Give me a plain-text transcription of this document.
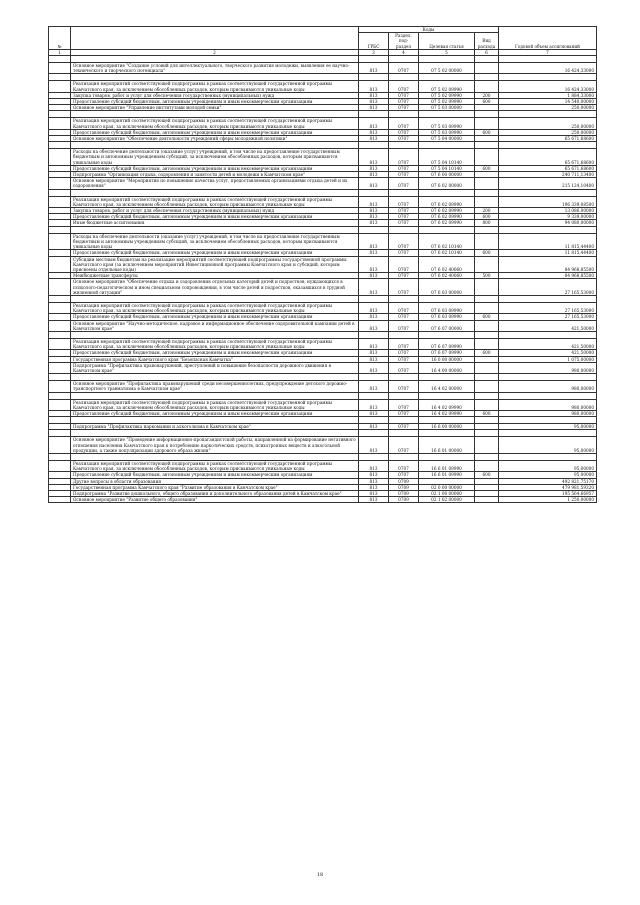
№		Коды				Годовой объем ассигнований
		ГРБС	Раздел, под- раздел	Целевая статья	Вид расхода	
1	2	3	4	5	6	7

	Основное мероприятие "Создание условий для интеллектуального, творческого развития молодежи, выявления ее научно-технического и творческого потенциала"	813	0707	07 5 02 00000		16 424,33000

	Реализация мероприятий соответствующей подпрограммы в рамках соответствующей государственной программы Камчатского края, за исключением обособленных расходов, которым присваиваются уникальные коды	813	0707	07 5 02 09990		16 424,33000
	Закупка товаров, работ и услуг для обеспечения государственных (муниципальных) нужд	813	0707	07 5 02 09990	200	1 884,33000
	Предоставление субсидий бюджетным, автономным учреждениям и иным некоммерческим организациям	813	0707	07 5 02 09990	600	14 540,00000
	Основное мероприятие "Управление институтами молодой семьи"	813	0707	07 5 03 00000		250,00000

	Реализация мероприятий соответствующей подпрограммы в рамках соответствующей государственной программы Камчатского края, за исключением обособленных расходов, которым присваиваются уникальные коды	813	0707	07 5 03 09990		250,00000
	Предоставление субсидий бюджетным, автономным учреждениям и иным некоммерческим организациям	813	0707	07 5 03 09990	600	250,00000
	Основное мероприятие "Обеспечение деятельности учреждений сферы молодежной политики"	813	0707	07 5 04 00000		65 671,68600

	Расходы на обеспечение деятельности (оказание услуг) учреждений, в том числе на предоставление государственным бюджетным и автономным учреждениям субсидий, за исключением обособленных расходов, которым присваиваются уникальные коды	813	0707	07 5 04 10140		65 671,68600
	Предоставление субсидий бюджетным, автономным учреждениям и иным некоммерческим организациям	813	0707	07 5 04 10140	600	65 671,68600
	Подпрограмма "Организация отдыха, оздоровления и занятости детей и молодежи в Камчатском крае"	813	0707	07 6 00 00000		240 711,13400
	Основное мероприятие "Мероприятия по повышению качества услуг, предоставляемых организациями отдыха детей и их оздоровления"	813	0707	07 6 02 00000		215 124,10400

	Реализация мероприятий соответствующей подпрограммы в рамках соответствующей государственной программы Камчатского края, за исключением обособленных расходов, которым присваиваются уникальные коды	813	0707	07 6 02 09990		196 339,08500
	Закупка товаров, работ и услуг для обеспечения государственных (муниципальных) нужд	813	0707	07 6 02 09990	200	13 086,00000
	Предоставление субсидий бюджетным, автономным учреждениям и иным некоммерческим организациям	813	0707	07 6 02 09990	600	9 339,00000
	Иные бюджетные ассигнования	813	0707	07 6 02 09990	800	94 080,00000

	Расходы на обеспечение деятельности (оказание услуг) учреждений, в том числе на предоставление государственным бюджетным и автономным учреждениям субсидий, за исключением обособленных расходов, которым присваиваются уникальные коды	813	0707	07 6 02 10140		11 815,44400
	Предоставление субсидий бюджетным, автономным учреждениям и иным некоммерческим организациям	813	0707	07 6 02 10140	600	11 815,44400
	Субсидии местным бюджетам на реализацию мероприятий соответствующей подпрограммы государственной программы Камчатского края (за исключением мероприятий Инвестиционной программы Камчатского края и субсидий, которым присвоены отдельные коды)	813	0707	07 6 02 40060		84 968,85500
	Межбюджетные трансферты	813	0707	07 6 02 40060	500	84 968,85500
	Основное мероприятие "Обеспечение отдыха и оздоровления отдельных категорий детей и подростков, нуждающихся в психолого-педагогическом и ином специальном сопровождении, в том числе детей и подростков, оказавшихся в трудной жизненной ситуации"	813	0707	07 6 03 00000		27 165,53000

	Реализация мероприятий соответствующей подпрограммы в рамках соответствующей государственной программы Камчатского края, за исключением обособленных расходов, которым присваиваются уникальные коды	813	0707	07 6 03 09990		27 165,53000
	Предоставление субсидий бюджетным, автономным учреждениям и иным некоммерческим организациям	813	0707	07 6 03 09990	600	27 165,53000
	Основное мероприятие "Научно-методическое, кадровое и информационное обеспечение оздоровительной кампании детей в Камчатском крае"	813	0707	07 6 07 00000		421,50000

	Реализация мероприятий соответствующей подпрограммы в рамках соответствующей государственной программы Камчатского края, за исключением обособленных расходов, которым присваиваются уникальные коды	813	0707	07 6 07 09990		421,50000
	Предоставление субсидий бюджетным, автономным учреждениям и иным некоммерческим организациям	813	0707	07 6 07 09990	600	421,50000
	Государственная программа Камчатского края "Безопасная Камчатка"	813	0707	16 0 00 00000		1 075,00000
	Подпрограмма "Профилактика правонарушений, преступлений и повышение безопасности дорожного движения в Камчатском крае"	813	0707	16 4 00 00000		980,00000

	Основное мероприятие "Профилактика правонарушений среди несовершеннолетних, предупреждение детского дорожно-транспортного травматизма в Камчатском крае"	813	0707	16 4 02 00000		980,00000

	Реализация мероприятий соответствующей подпрограммы в рамках соответствующей государственной программы Камчатского края, за исключением обособленных расходов, которым присваиваются уникальные коды	813	0707	16 4 02 09990		980,00000
	Предоставление субсидий бюджетным, автономным учреждениям и иным некоммерческим организациям	813	0707	16 4 02 09990	600	980,00000

	Подпрограмма "Профилактика наркомании и алкоголизма в Камчатском крае"	813	0707	16 6 00 00000		95,00000

	Основное мероприятие "Проведение информационно-пропагандистской работы, направленной на формирование негативного отношения населения Камчатского края к потреблению наркотических средств, психотропных веществ и алкогольной продукции, а также популяризации здорового образа жизни"	813	0707	16 6 01 00000		95,00000

	Реализация мероприятий соответствующей подпрограммы в рамках соответствующей государственной программы Камчатского края, за исключением обособленных расходов, которым присваиваются уникальные коды	813	0707	16 6 01 09990		95,00000
	Предоставление субсидий бюджетным, автономным учреждениям и иным некоммерческим организациям	813	0707	16 6 01 09990	600	95,00000
	Другие вопросы в области образования	813	0709			492 821,75170
	Государственная программа Камчатского края "Развитие образования в Камчатском крае"	813	0709	02 0 00 00000		479 981,59320
	Подпрограмма "Развитие дошкольного, общего образования и дополнительного образования детей в Камчатском крае"	813	0709	02 1 00 00000		195 564,66957
	Основное мероприятие "Развитие общего образования"	813	0709	02 1 02 00000		1 250,00000
18
